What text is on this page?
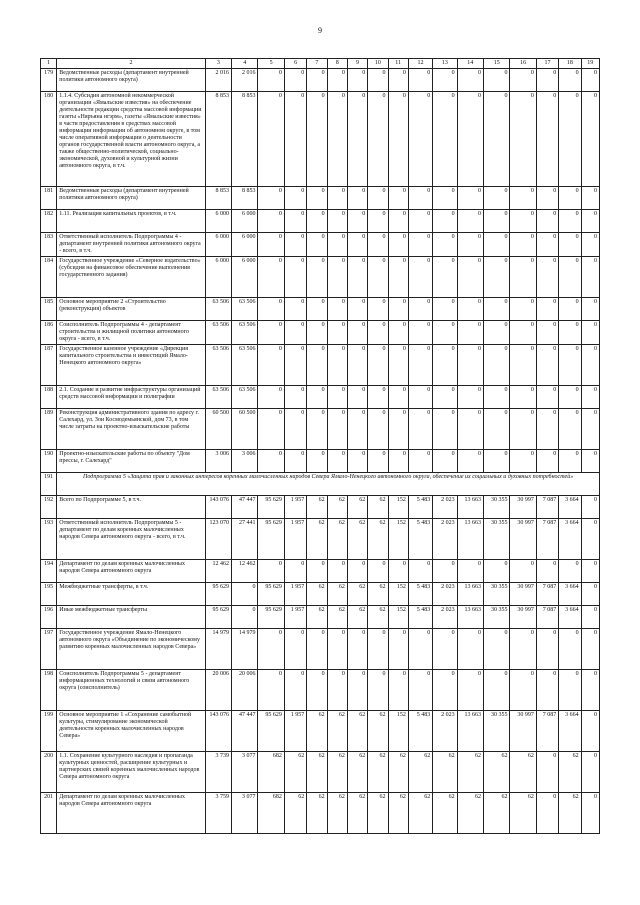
9
1	2	3	4	5	6	7	8	9	10	11	12	13	14	15	16	17	18	19
179	Ведомственные расходы (департамент внутренней политики автономного округа)	2 016	2 016	0	0	0	0	0	0	0	0	0	0	0	0	0	0	0
180	1.1.4. Субсидия автономной некоммерческой организации «Ямальские известия» на обеспечение деятельности редакции средства массовой информации газеты «Няръяна нгэрм», газеты «Ямальские известия» в части предоставления в средствах массовой информации информации об автономном округе, в том числе оперативной информации о деятельности органов государственной власти автономного округа, а также общественно-политической, социально-экономической, духовной и культурной жизни автономного округа, в т.ч.	8 853	8 853	0	0	0	0	0	0	0	0	0	0	0	0	0	0	0
181	Ведомственные расходы (департамент внутренней политики автономного округа)	8 853	8 853	0	0	0	0	0	0	0	0	0	0	0	0	0	0	0
182	1.11. Реализация капитальных проектов, в т.ч.	6 000	6 000	0	0	0	0	0	0	0	0	0	0	0	0	0	0	0
183	Ответственный исполнитель Подпрограммы 4 - департамент внутренней политики автономного округа - всего, в т.ч.	6 000	6 000	0	0	0	0	0	0	0	0	0	0	0	0	0	0	0
184	Государственное учреждение «Северное издательство» (субсидия на финансовое обеспечение выполнения государственного задания)	6 000	6 000	0	0	0	0	0	0	0	0	0	0	0	0	0	0	0
185	Основное мероприятие 2 «Строительство (реконструкция) объектов	63 506	63 506	0	0	0	0	0	0	0	0	0	0	0	0	0	0	0
186	Соисполнитель Подпрограммы 4 - департамент строительства и жилищной политики автономного округа - всего, в т.ч.	63 506	63 506	0	0	0	0	0	0	0	0	0	0	0	0	0	0	0
187	Государственное казенное учреждение «Дирекция капитального строительства и инвестиций Ямало-Ненецкого автономного округа»	63 506	63 506	0	0	0	0	0	0	0	0	0	0	0	0	0	0	0
188	2.1. Создание и развитие инфраструктуры организаций средств массовой информации и полиграфии	63 506	63 506	0	0	0	0	0	0	0	0	0	0	0	0	0	0	0
189	Реконструкция административного здания по адресу г. Салехард, ул. Зои Космодемьянской, дом 73, в том числе затраты на проектно-изыскательские работы	60 500	60 500	0	0	0	0	0	0	0	0	0	0	0	0	0	0	0
190	Проектно-изыскательские работы по объекту "Дом прессы, г. Салехард"	3 006	3 006	0	0	0	0	0	0	0	0	0	0	0	0	0	0	0
191	Подпрограмма 5 «Защита прав и законных интересов коренных малочисленных народов Севера Ямало-Ненецкого автономного округа, обеспечение их социальных и духовных потребностей»																	
192	Всего по Подпрограмме 5, в т.ч.	143 076	47 447	95 629	1 957	62	62	62	62	152	5 483	2 023	13 663	30 355	30 997	7 087	3 664	0
193	Ответственный исполнитель Подпрограммы 5 - департамент по делам коренных малочисленных народов Севера автономного округа - всего, в т.ч.	123 070	27 441	95 629	1 957	62	62	62	62	152	5 483	2 023	13 663	30 355	30 997	7 087	3 664	0
194	Департамент по делам коренных малочисленных народов Севера автономного округа	12 462	12 462	0	0	0	0	0	0	0	0	0	0	0	0	0	0	0
195	Межбюджетные трансферты, в т.ч.	95 629	0	95 629	1 957	62	62	62	62	152	5 483	2 023	13 663	30 355	30 997	7 087	3 664	0
196	Иные межбюджетные трансферты	95 629	0	95 629	1 957	62	62	62	62	152	5 483	2 023	13 663	30 355	30 997	7 087	3 664	0
197	Государственное учреждение Ямало-Ненецкого автономного округа «Объединение по экономическому развитию коренных малочисленных народов Севера»	14 979	14 979	0	0	0	0	0	0	0	0	0	0	0	0	0	0	0
198	Соисполнитель Подпрограммы 5 - департамент информационных технологий и связи автономного округа (соисполнитель)	20 006	20 006	0	0	0	0	0	0	0	0	0	0	0	0	0	0	0
199	Основное мероприятие 1 «Сохранение самобытной культуры, стимулирование экономической деятельности коренных малочисленных народов Севера»	143 076	47 447	95 629	1 957	62	62	62	62	152	5 483	2 023	13 663	30 355	30 997	7 087	3 664	0
200	1.1. Сохранение культурного наследия и пропаганда культурных ценностей, расширение культурных и партнерских связей коренных малочисленных народов Севера автономного округа	3 739	3 077	682	62	62	62	62	62	62	62	62	62	62	62	0	62	0
201	Департамент по делам коренных малочисленных народов Севера автономного округа	3 759	3 077	682	62	62	62	62	62	62	62	62	62	62	62	0	62	0
